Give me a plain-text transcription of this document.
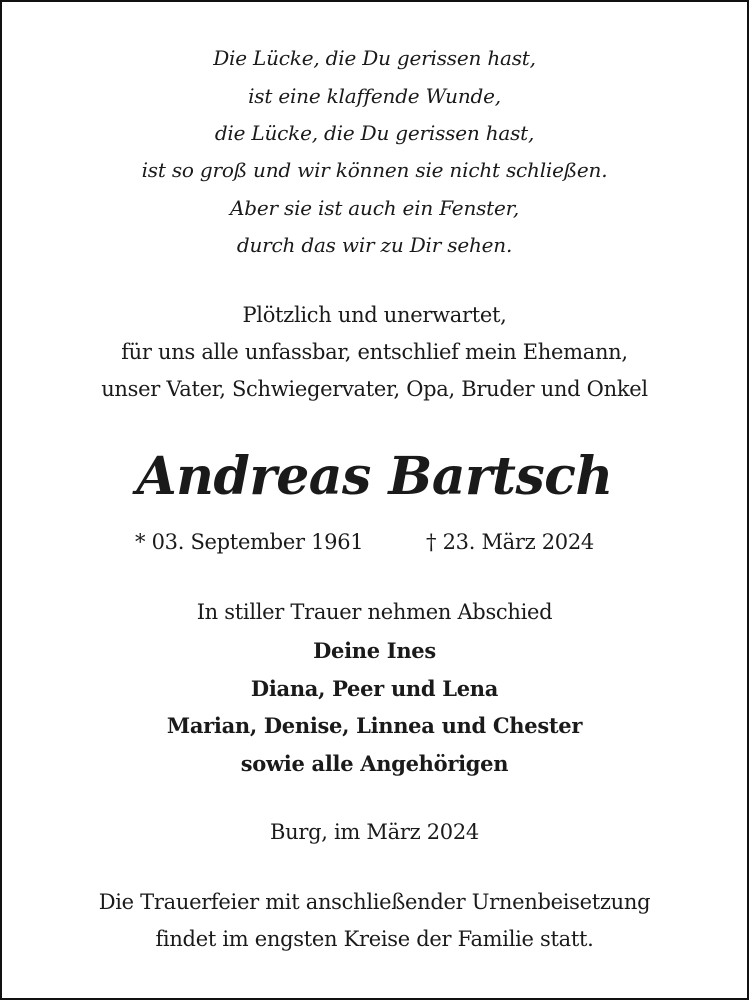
Die Lücke, die Du gerissen hast,
ist eine klaffende Wunde,
die Lücke, die Du gerissen hast,
ist so groß und wir können sie nicht schließen.
Aber sie ist auch ein Fenster,
durch das wir zu Dir sehen.
Plötzlich und unerwartet,
für uns alle unfassbar, entschlief mein Ehemann,
unser Vater, Schwiegervater, Opa, Bruder und Onkel
Andreas Bartsch
* 03. September 1961	† 23. März 2024
In stiller Trauer nehmen Abschied
Deine Ines
Diana, Peer und Lena
Marian, Denise, Linnea und Chester
sowie alle Angehörigen
Burg, im März 2024
Die Trauerfeier mit anschließender Urnenbeisetzung
findet im engsten Kreise der Familie statt.
